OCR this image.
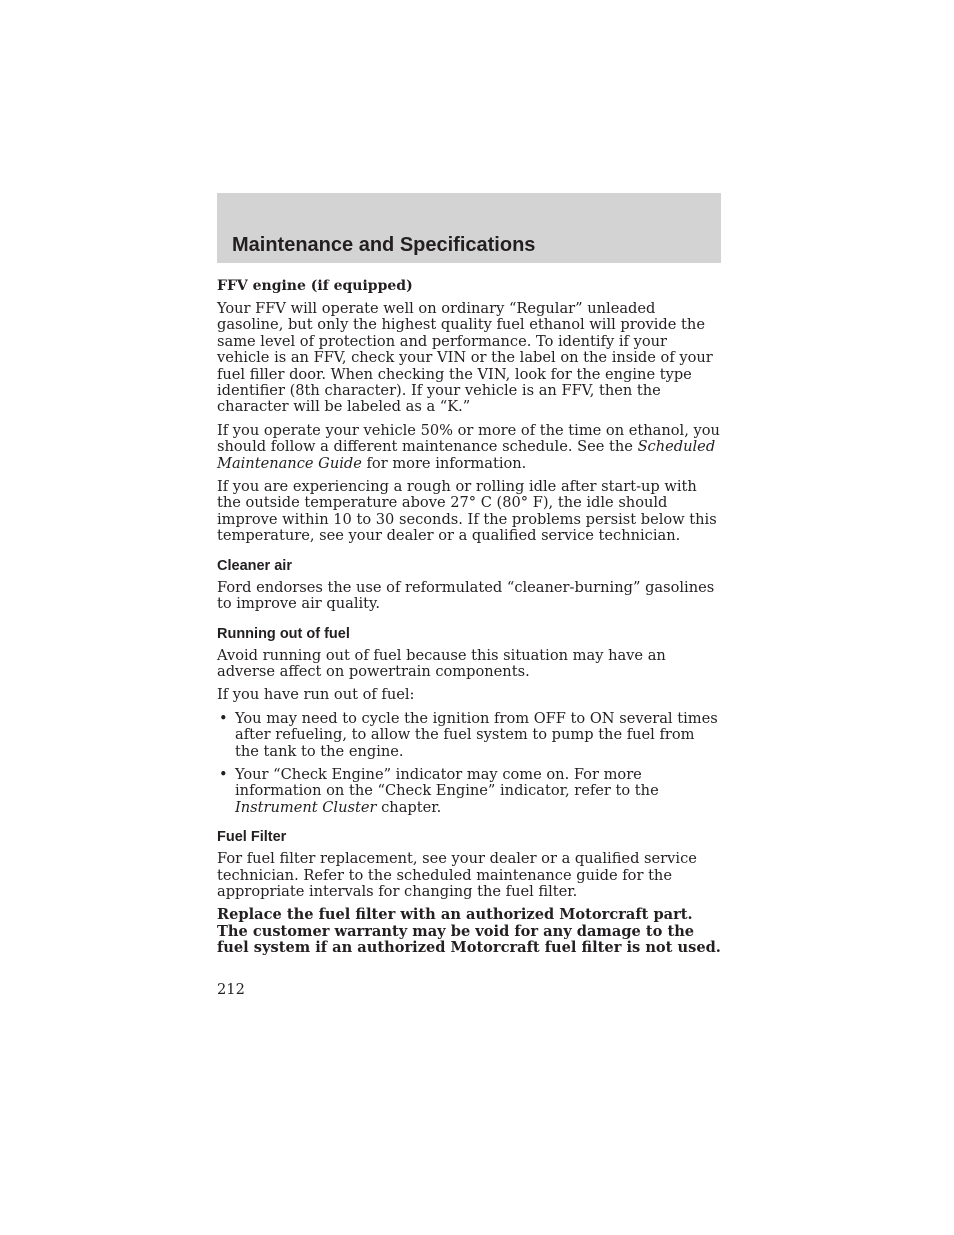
Maintenance and Specifications
FFV engine (if equipped)

Your FFV will operate well on ordinary “Regular” unleaded gasoline, but only the highest quality fuel ethanol will provide the same level of protection and performance. To identify if your vehicle is an FFV, check your VIN or the label on the inside of your fuel filler door. When checking the VIN, look for the engine type identifier (8th character). If your vehicle is an FFV, then the character will be labeled as a “K.”

If you operate your vehicle 50% or more of the time on ethanol, you should follow a different maintenance schedule. See the Scheduled Maintenance Guide for more information.

If you are experiencing a rough or rolling idle after start-up with the outside temperature above 27° C (80° F), the idle should improve within 10 to 30 seconds. If the problems persist below this temperature, see your dealer or a qualified service technician.

Cleaner air

Ford endorses the use of reformulated “cleaner-burning” gasolines to improve air quality.

Running out of fuel

Avoid running out of fuel because this situation may have an adverse affect on powertrain components.

If you have run out of fuel:

• You may need to cycle the ignition from OFF to ON several times after refueling, to allow the fuel system to pump the fuel from the tank to the engine.
• Your “Check Engine” indicator may come on. For more information on the “Check Engine” indicator, refer to the Instrument Cluster chapter.
Fuel Filter

For fuel filter replacement, see your dealer or a qualified service technician. Refer to the scheduled maintenance guide for the appropriate intervals for changing the fuel filter.

Replace the fuel filter with an authorized Motorcraft part. The customer warranty may be void for any damage to the fuel system if an authorized Motorcraft fuel filter is not used.

212
